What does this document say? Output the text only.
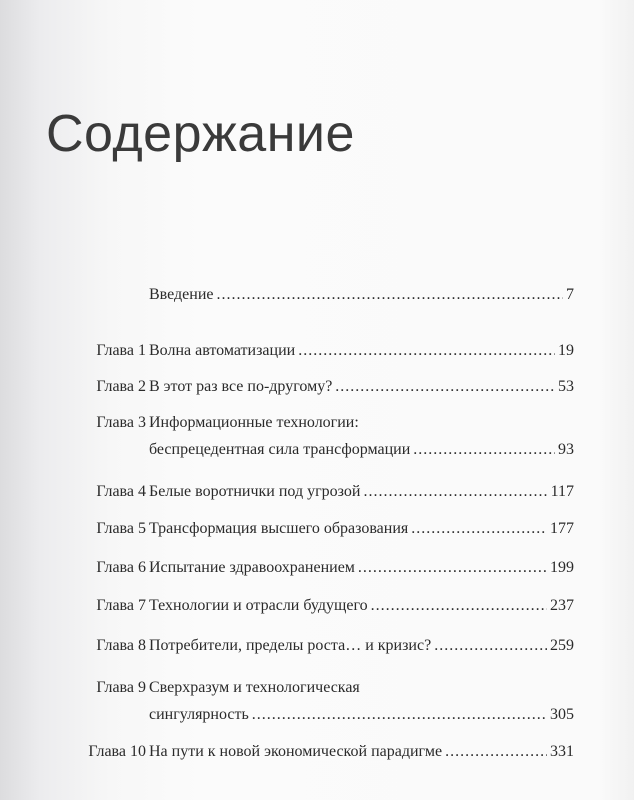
Содержание
Введение .....	7
Глава 1 Волна автоматизации .....	19
Глава 2 В этот раз все по-другому? .....	53
Глава 3 Информационные технологии:
беспрецедентная сила трансформации .....	93
Глава 4 Белые воротнички под угрозой .....	117
Глава 5 Трансформация высшего образования .....	177
Глава 6 Испытание здравоохранением .....	199
Глава 7 Технологии и отрасли будущего .....	237
Глава 8 Потребители, пределы роста… и кризис? .....	259
Глава 9 Сверхразум и технологическая
сингулярность .....	305
Глава 10 На пути к новой экономической парадигме .....	331
